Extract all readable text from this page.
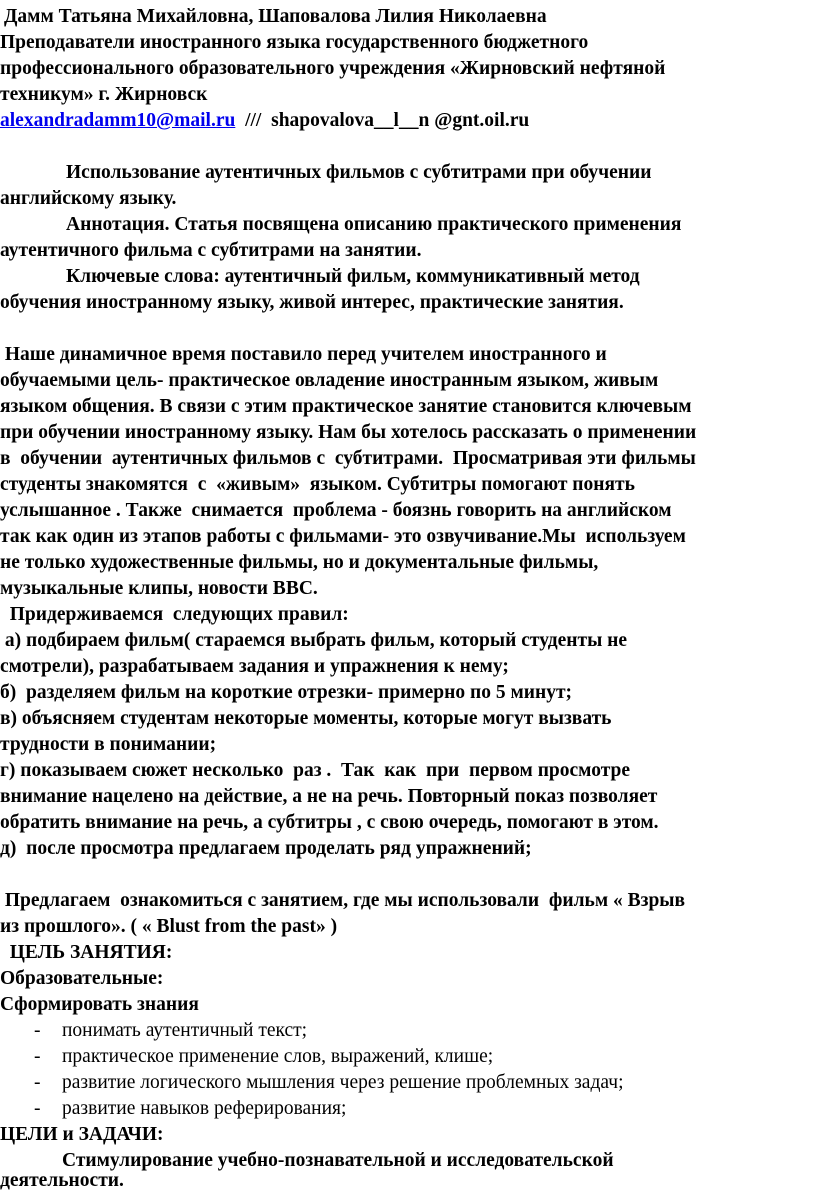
Дамм Татьяна Михайловна, Шаповалова Лилия Николаевна
Преподаватели иностранного языка государственного бюджетного
профессионального образовательного учреждения «Жирновский нефтяной
техникум» г. Жирновск
alexandradamm10@mail.ru  ///  shapovalova__l__n @gnt.oil.ru
Использование аутентичных фильмов с субтитрами при обучении
английскому языку.
Аннотация. Статья посвящена описанию практического применения
аутентичного фильма с субтитрами на занятии.
Ключевые слова: аутентичный фильм, коммуникативный метод
обучения иностранному языку, живой интерес, практические занятия.
Наше динамичное время поставило перед учителем иностранного и
обучаемыми цель- практическое овладение иностранным языком, живым
языком общения. В связи с этим практическое занятие становится ключевым
при обучении иностранному языку. Нам бы хотелось рассказать о применении
в  обучении  аутентичных фильмов с  субтитрами.  Просматривая эти фильмы
студенты знакомятся  с  «живым»  языком. Субтитры помогают понять
услышанное . Также  снимается  проблема - боязнь говорить на английском
так как один из этапов работы с фильмами- это озвучивание.Мы  используем
не только художественные фильмы, но и документальные фильмы,
музыкальные клипы, новости BBC.
Придерживаемся  следующих правил:
а) подбираем фильм( стараемся выбрать фильм, который студенты не
смотрели), разрабатываем задания и упражнения к нему;
б)  разделяем фильм на короткие отрезки- примерно по 5 минут;
в) объясняем студентам некоторые моменты, которые могут вызвать
трудности в понимании;
г) показываем сюжет несколько  раз .  Так  как  при  первом просмотре
внимание нацелено на действие, а не на речь. Повторный показ позволяет
обратить внимание на речь, а субтитры , с свою очередь, помогают в этом.
д)  после просмотра предлагаем проделать ряд упражнений;
Предлагаем  ознакомиться с занятием, где мы использовали  фильм « Взрыв
из прошлого». ( « Blust from the past» )
ЦЕЛЬ ЗАНЯТИЯ:
Образовательные:
Сформировать знания
- понимать аутентичный текст;
- практическое применение слов, выражений, клише;
- развитие логического мышления через решение проблемных задач;
- развитие навыков реферирования;
ЦЕЛИ и ЗАДАЧИ:
Стимулирование учебно-познавательной и исследовательской
деятельности.
